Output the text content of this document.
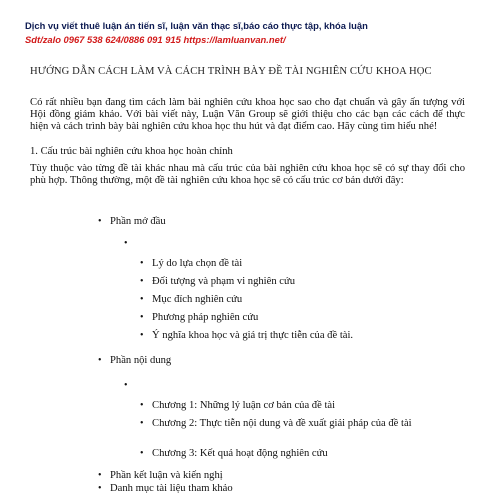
Dịch vụ viết thuê luận án tiến sĩ, luận văn thạc sĩ,báo cáo thực tập, khóa luận
Sdt/zalo 0967 538 624/0886 091 915 https://lamluanvan.net/
HƯỚNG DẪN CÁCH LÀM VÀ CÁCH TRÌNH BÀY ĐỀ TÀI NGHIÊN CỨU KHOA HỌC
Có rất nhiều bạn đang tìm cách làm bài nghiên cứu khoa học sao cho đạt chuẩn và gây ấn tượng với Hội đồng giám khảo. Với bài viết này, Luận Văn Group sẽ giới thiệu cho các bạn các cách để thực hiện và cách trình bày bài nghiên cứu khoa học thu hút và đạt điểm cao. Hãy cùng tìm hiểu nhé!
1. Cấu trúc bài nghiên cứu khoa học hoàn chỉnh
Tùy thuộc vào từng đề tài khác nhau mà cấu trúc của bài nghiên cứu khoa học sẽ có sự thay đổi cho phù hợp. Thông thường, một đề tài nghiên cứu khoa học sẽ có cấu trúc cơ bản dưới đây:
• Phần mở đầu
•
• Lý do lựa chọn đề tài
• Đối tượng và phạm vi nghiên cứu
• Mục đích nghiên cứu
• Phương pháp nghiên cứu
• Ý nghĩa khoa học và giá trị thực tiễn của đề tài.
• Phần nội dung
•
• Chương 1: Những lý luận cơ bản của đề tài
• Chương 2: Thực tiễn nội dung và đề xuất giải pháp của đề tài
• Chương 3: Kết quả hoạt động nghiên cứu
• Phần kết luận và kiến nghị
• Danh mục tài liệu tham khảo
